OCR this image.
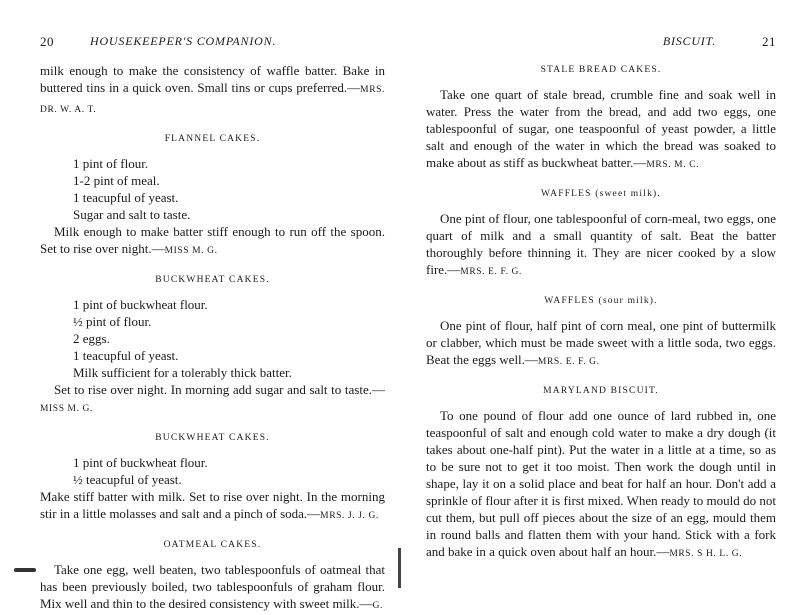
20	HOUSEKEEPER'S COMPANION.

milk enough to make the consistency of waffle batter. Bake in buttered tins in a quick oven. Small tins or cups preferred.—MRS. DR. W. A. T.

FLANNEL CAKES.

1 pint of flour.

1-2 pint of meal.

1 teacupful of yeast.

Sugar and salt to taste.

Milk enough to make batter stiff enough to run off the spoon. Set to rise over night.—MISS M. G.

BUCKWHEAT CAKES.

1 pint of buckwheat flour.

½ pint of flour.

2 eggs.

1 teacupful of yeast.

Milk sufficient for a tolerably thick batter.

Set to rise over night. In morning add sugar and salt to taste.—MISS M. G.

BUCKWHEAT CAKES.

1 pint of buckwheat flour.

½ teacupful of yeast.

Make stiff batter with milk. Set to rise over night. In the morning stir in a little molasses and salt and a pinch of soda.—MRS. J. J. G.

OATMEAL CAKES.

Take one egg, well beaten, two tablespoonfuls of oatmeal that has been previously boiled, two tablespoonfuls of graham flour. Mix well and thin to the desired consistency with sweet milk.—G.

BISCUIT.	21
STALE BREAD CAKES.

Take one quart of stale bread, crumble fine and soak well in water. Press the water from the bread, and add two eggs, one tablespoonful of sugar, one teaspoonful of yeast powder, a little salt and enough of the water in which the bread was soaked to make about as stiff as buckwheat batter.—MRS. M. C.

WAFFLES (sweet milk).

One pint of flour, one tablespoonful of corn-meal, two eggs, one quart of milk and a small quantity of salt. Beat the batter thoroughly before thinning it. They are nicer cooked by a slow fire.—MRS. E. F. G.

WAFFLES (sour milk).

One pint of flour, half pint of corn meal, one pint of buttermilk or clabber, which must be made sweet with a little soda, two eggs. Beat the eggs well.—MRS. E. F. G.

MARYLAND BISCUIT.

To one pound of flour add one ounce of lard rubbed in, one teaspoonful of salt and enough cold water to make a dry dough (it takes about one-half pint). Put the water in a little at a time, so as to be sure not to get it too moist. Then work the dough until in shape, lay it on a solid place and beat for half an hour. Don't add a sprinkle of flour after it is first mixed. When ready to mould do not cut them, but pull off pieces about the size of an egg, mould them in round balls and flatten them with your hand. Stick with a fork and bake in a quick oven about half an hour.—MRS. S H. L. G.
